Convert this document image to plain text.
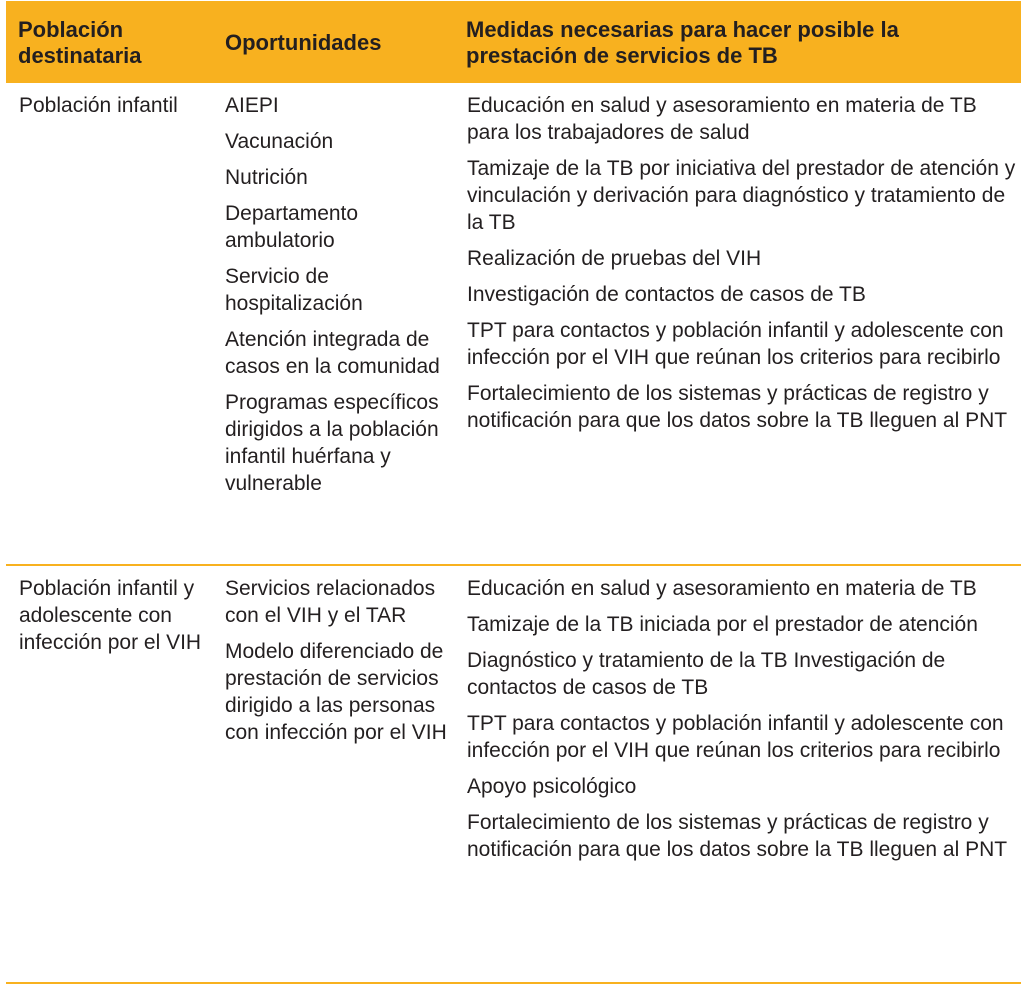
Población destinataria
Oportunidades
Medidas necesarias para hacer posible la prestación de servicios de TB
Población infantil	AIEPI
Vacunación
Nutrición
Departamento ambulatorio
Servicio de hospitalización
Atención integrada de casos en la comunidad
Programas específicos dirigidos a la población infantil huérfana y vulnerable
Educación en salud y asesoramiento en materia de TB para los trabajadores de salud
Tamizaje de la TB por iniciativa del prestador de atención y vinculación y derivación para diagnóstico y tratamiento de la TB
Realización de pruebas del VIH
Investigación de contactos de casos de TB
TPT para contactos y población infantil y adolescente con infección por el VIH que reúnan los criterios para recibirlo
Fortalecimiento de los sistemas y prácticas de registro y notificación para que los datos sobre la TB lleguen al PNT
Población infantil y adolescente con infección por el VIH
Servicios relacionados con el VIH y el TAR
Modelo diferenciado de prestación de servicios dirigido a las personas con infección por el VIH
Educación en salud y asesoramiento en materia de TB
Tamizaje de la TB iniciada por el prestador de atención
Diagnóstico y tratamiento de la TB Investigación de contactos de casos de TB
TPT para contactos y población infantil y adolescente con infección por el VIH que reúnan los criterios para recibirlo
Apoyo psicológico
Fortalecimiento de los sistemas y prácticas de registro y notificación para que los datos sobre la TB lleguen al PNT
